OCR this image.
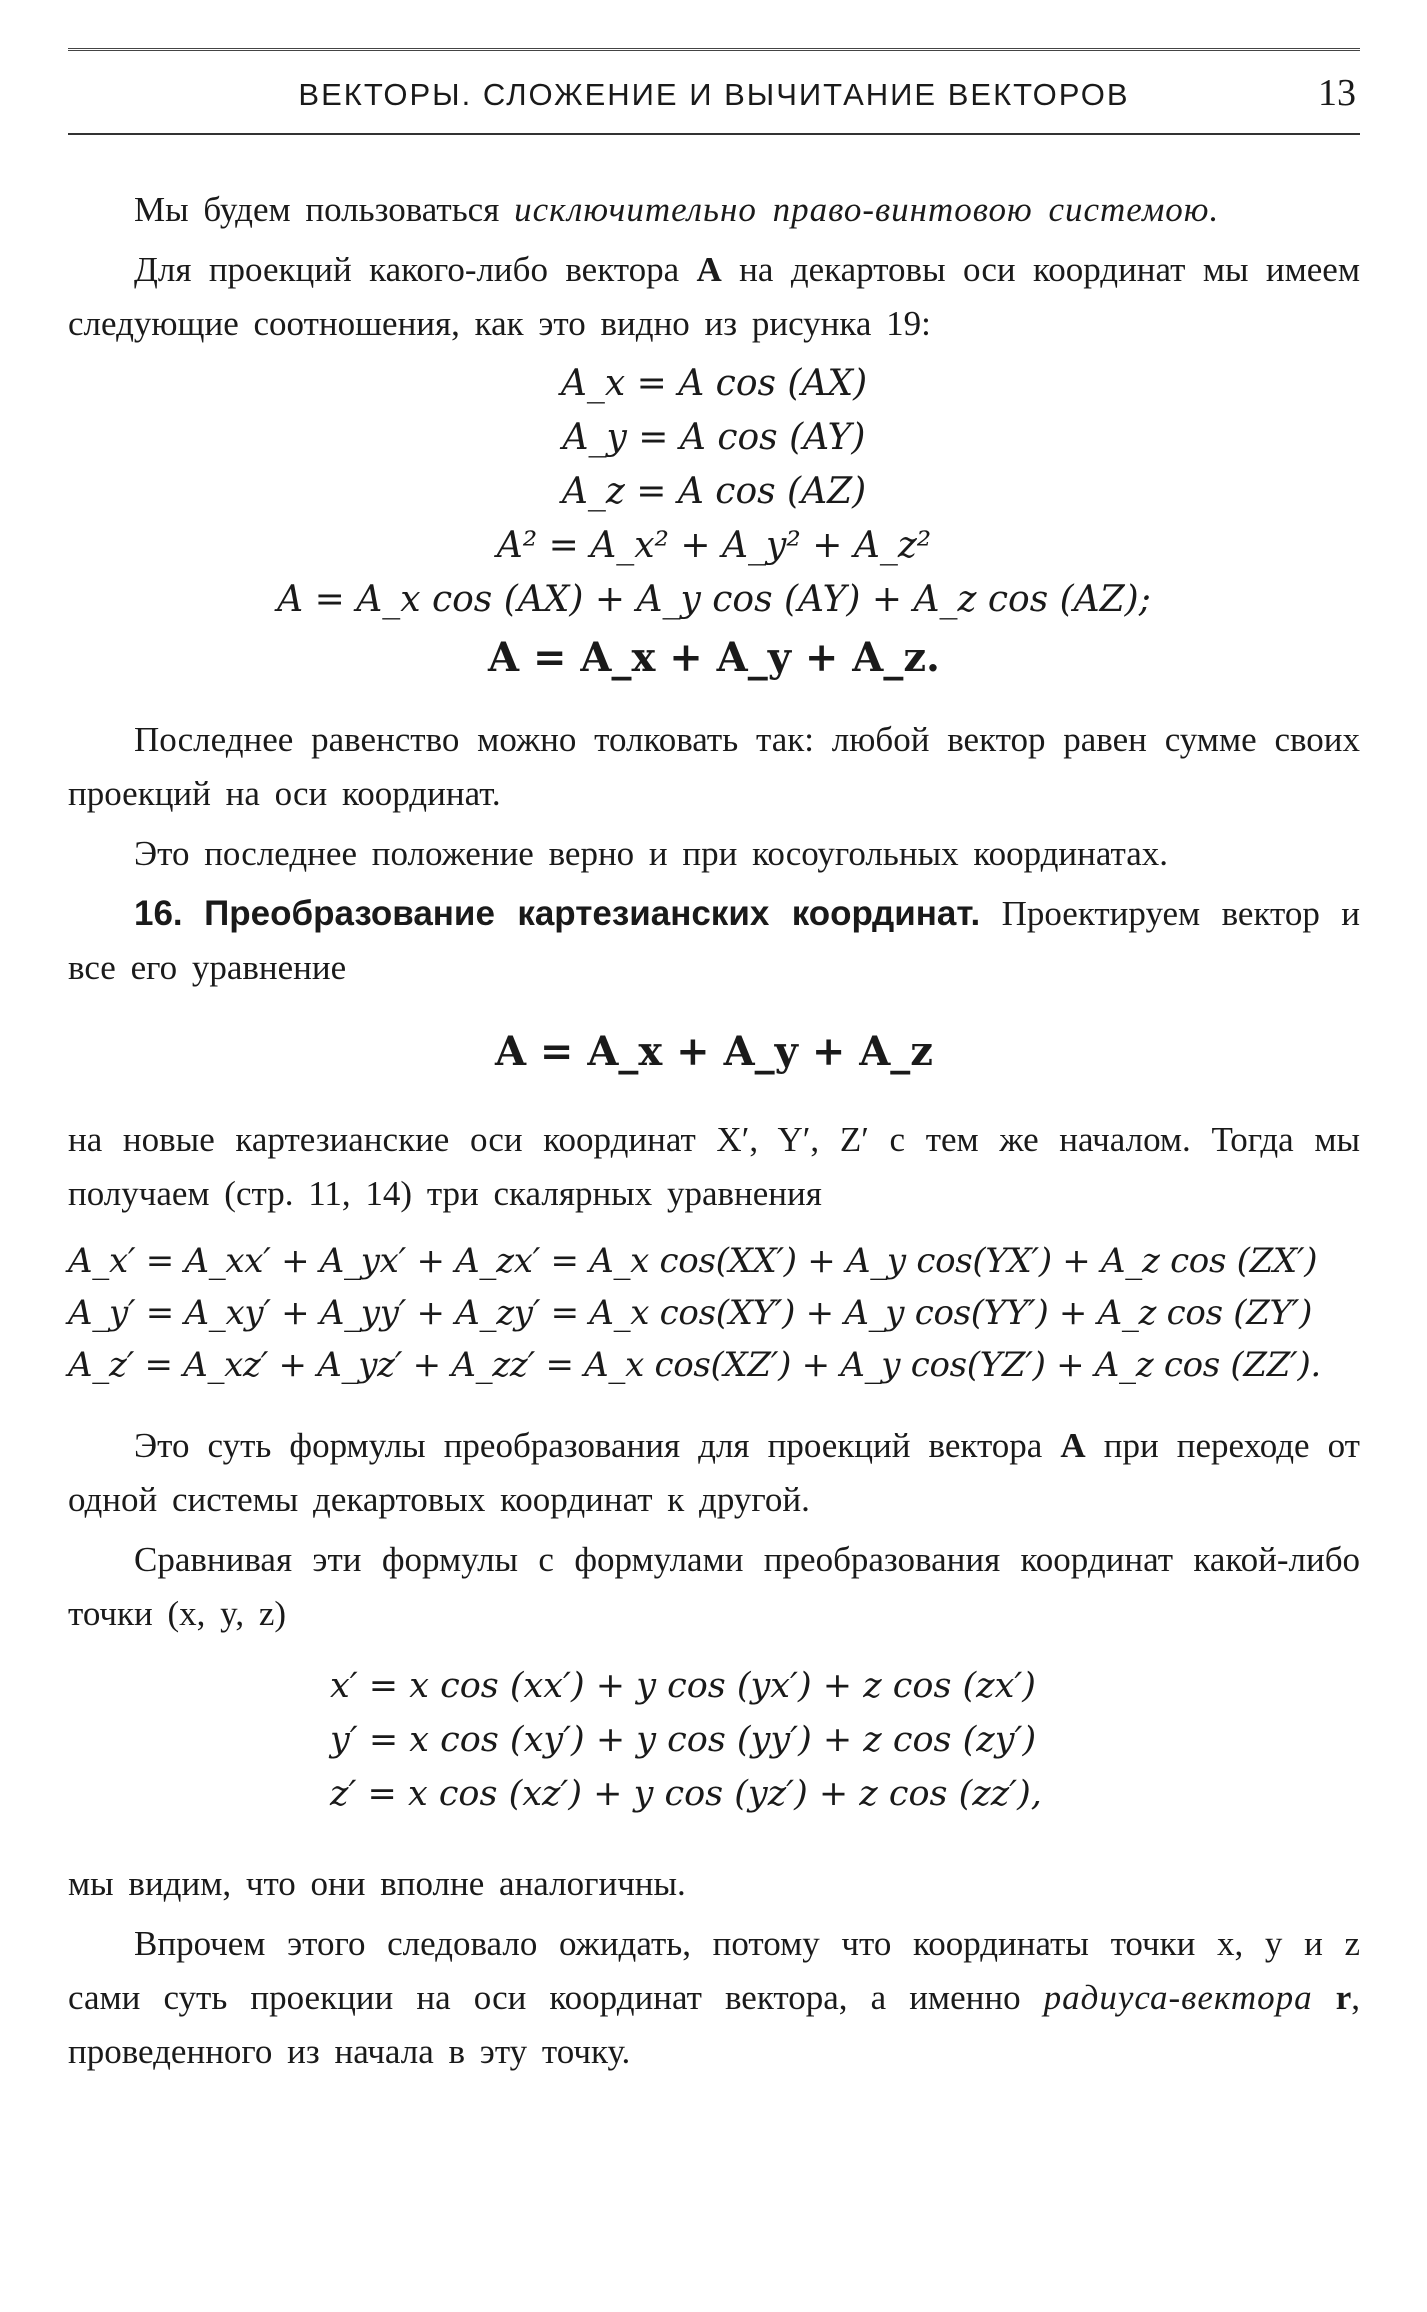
ВЕКТОРЫ. СЛОЖЕНИЕ И ВЫЧИТАНИЕ ВЕКТОРОВ	13

Мы будем пользоваться исключительно право-винтовою системою.

Для проекций какого-либо вектора A на декартовы оси координат мы имеем следующие соотношения, как это видно из рисунка 19:

A_x = A cos (AX)
A_y = A cos (AY)
A_z = A cos (AZ)
A² = A_x² + A_y² + A_z²
A = A_x cos (AX) + A_y cos (AY) + A_z cos (AZ);
A = A_x + A_y + A_z.

Последнее равенство можно толковать так: любой вектор равен сумме своих проекций на оси координат.

Это последнее положение верно и при косоугольных координатах.

16. Преобразование картезианских координат. Проектируем вектор и все его уравнение

A = A_x + A_y + A_z

на новые картезианские оси координат X′, Y′, Z′ с тем же началом. Тогда мы получаем (стр. 11, 14) три скалярных уравнения

A_x′ = A_xx′ + A_yx′ + A_zx′ = A_x cos(XX′) + A_y cos(YX′) + A_z cos (ZX′)
A_y′ = A_xy′ + A_yy′ + A_zy′ = A_x cos(XY′) + A_y cos(YY′) + A_z cos (ZY′)
A_z′ = A_xz′ + A_yz′ + A_zz′ = A_x cos(XZ′) + A_y cos(YZ′) + A_z cos (ZZ′).

Это суть формулы преобразования для проекций вектора A при переходе от одной системы декартовых координат к другой.

Сравнивая эти формулы с формулами преобразования координат какой-либо точки (x, y, z)

x′ = x cos (xx′) + y cos (yx′) + z cos (zx′)
y′ = x cos (xy′) + y cos (yy′) + z cos (zy′)
z′ = x cos (xz′) + y cos (yz′) + z cos (zz′),

мы видим, что они вполне аналогичны.

Впрочем этого следовало ожидать, потому что координаты точки x, y и z сами суть проекции на оси координат вектора, а именно радиуса-вектора r, проведенного из начала в эту точку.
